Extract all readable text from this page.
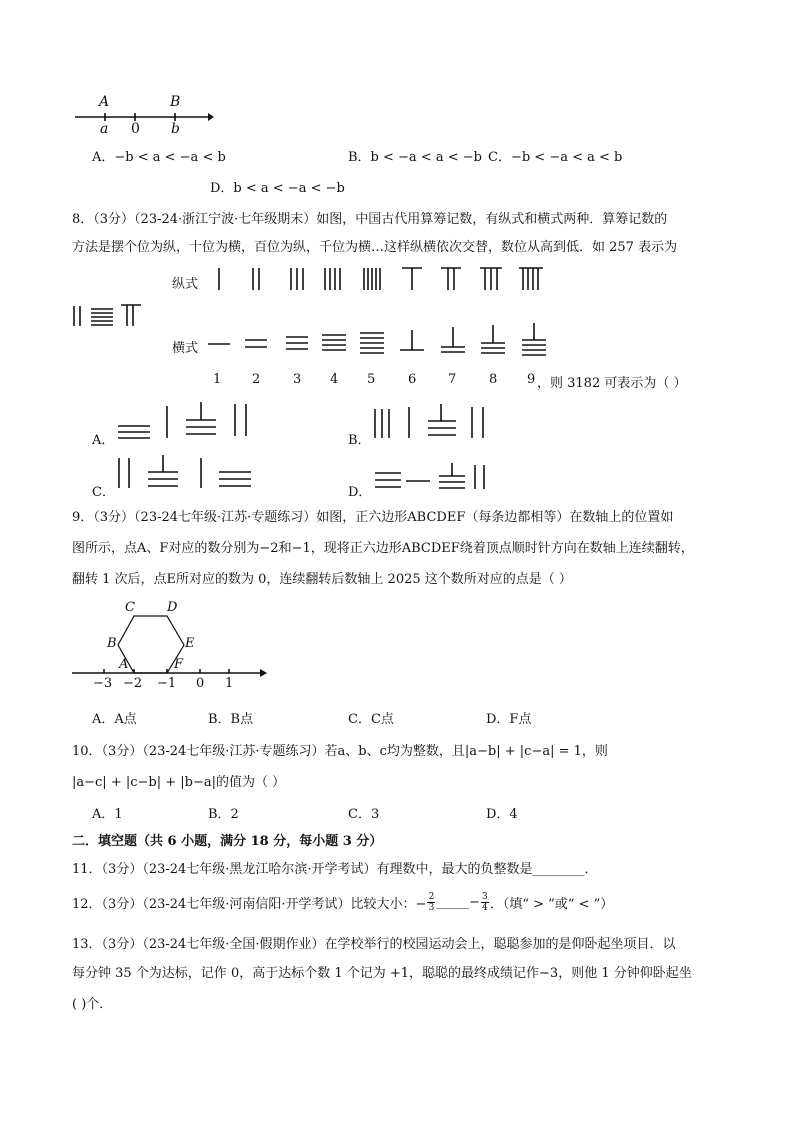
A	B
a 0 b
A．−b < a < −a < b	B．b < −a < a < −b C．−b < −a < a < b
D．b < a < −a < −b
8．（3分）（23-24·浙江宁波·七年级期末）如图，中国古代用算筹记数，有纵式和横式两种．算筹记数的
方法是摆个位为纵，十位为横，百位为纵，千位为横…这样纵横依次交替，数位从高到低．如 257 表示为
纵式
横式
1 2	3 4 5	6 7	8 9 ，则 3182 可表示为（ ）
A．	B．
C．	D．
9．（3分）（23-24七年级·江苏·专题练习）如图，正六边形ABCDEF（每条边都相等）在数轴上的位置如
图所示，点A、F对应的数分别为−2和−1，现将正六边形ABCDEF绕着顶点顺时针方向在数轴上连续翻转，
翻转 1 次后，点E所对应的数为 0，连续翻转后数轴上 2025 这个数所对应的点是（ ）
C D
B	E
A	F
−3 −2 −1 0 1
A．A点	B．B点	C．C点	D．F点
10．（3分）（23-24七年级·江苏·专题练习）若a、b、c均为整数，且|a−b| + |c−a| = 1，则
|a−c| + |c−b| + |b−a|的值为（ ）
A．1	B．2	C．3	D．4
二．填空题（共 6 小题，满分 18 分，每小题 3 分）
11．（3分）（23-24七年级·黑龙江哈尔滨·开学考试）有理数中，最大的负整数是________．
12．（3分）（23-24七年级·河南信阳·开学考试）比较大小：− 2
3 _____− 3
4 ．（填“ > ”或“ < ”）
13．（3分）（23-24七年级·全国·假期作业）在学校举行的校园运动会上，聪聪参加的是仰卧起坐项目．以
每分钟 35 个为达标，记作 0，高于达标个数 1 个记为 +1，聪聪的最终成绩记作−3，则他 1 分钟仰卧起坐
( )个．
